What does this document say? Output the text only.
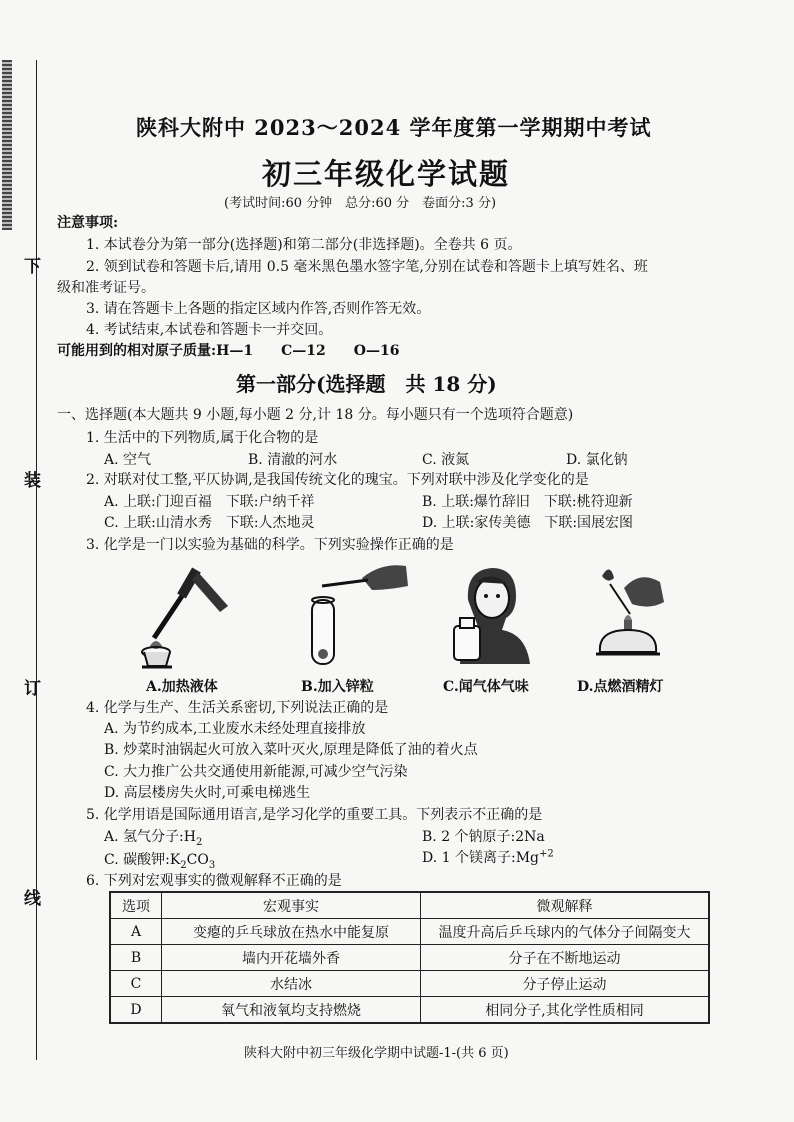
下
装
订
线
陕科大附中 2023～2024 学年度第一学期期中考试
初三年级化学试题
(考试时间:60 分钟　总分:60 分　卷面分:3 分)
注意事项:
1. 本试卷分为第一部分(选择题)和第二部分(非选择题)。全卷共 6 页。
2. 领到试卷和答题卡后,请用 0.5 毫米黑色墨水签字笔,分别在试卷和答题卡上填写姓名、班
级和准考证号。
3. 请在答题卡上各题的指定区域内作答,否则作答无效。
4. 考试结束,本试卷和答题卡一并交回。
可能用到的相对原子质量:H—1　　C—12　　O—16
第一部分(选择题　共 18 分)
一、选择题(本大题共 9 小题,每小题 2 分,计 18 分。每小题只有一个选项符合题意)
1. 生活中的下列物质,属于化合物的是
A. 空气	B. 清澈的河水	C. 液氮	D. 氯化钠
2. 对联对仗工整,平仄协调,是我国传统文化的瑰宝。下列对联中涉及化学变化的是
A. 上联:门迎百福　下联:户纳千祥	B. 上联:爆竹辞旧　下联:桃符迎新
C. 上联:山清水秀　下联:人杰地灵	D. 上联:家传美德　下联:国展宏图
3. 化学是一门以实验为基础的科学。下列实验操作正确的是
A.加热液体	B.加入锌粒	C.闻气体气味	D.点燃酒精灯
4. 化学与生产、生活关系密切,下列说法正确的是
A. 为节约成本,工业废水未经处理直接排放
B. 炒菜时油锅起火可放入菜叶灭火,原理是降低了油的着火点
C. 大力推广公共交通使用新能源,可减少空气污染
D. 高层楼房失火时,可乘电梯逃生
5. 化学用语是国际通用语言,是学习化学的重要工具。下列表示不正确的是
A. 氢气分子$:H_2$	B. 2 个钠原子:2Na
C. 碳酸钾$:K_2CO_3$	D. 1 个镁离子$:Mg^{+2}$
6. 下列对宏观事实的微观解释不正确的是
选项	宏观事实	微观解释
A	变瘪的乒乓球放在热水中能复原	温度升高后乒乓球内的气体分子间隔变大
B	墙内开花墙外香	分子在不断地运动
C	水结冰	分子停止运动
D	氧气和液氧均支持燃烧	相同分子,其化学性质相同
陕科大附中初三年级化学期中试题-1-(共 6 页)
